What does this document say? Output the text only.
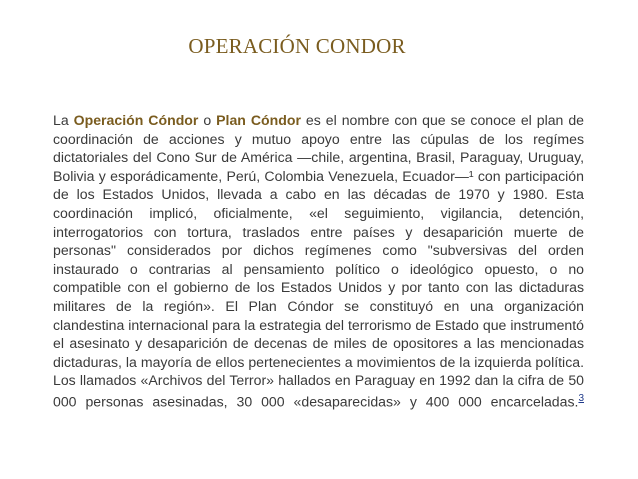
OPERACIÓN CONDOR

La Operación Cóndor o Plan Cóndor es el nombre con que se conoce el plan de coordinación de acciones y mutuo apoyo entre las cúpulas de los regímes dictatoriales del Cono Sur de América —chile, argentina, Brasil, Paraguay, Uruguay, Bolivia y esporádicamente, Perú, Colombia Venezuela, Ecuador—¹ con participación de los Estados Unidos, llevada a cabo en las décadas de 1970 y 1980. Esta coordinación implicó, oficialmente, «el seguimiento, vigilancia, detención, interrogatorios con tortura, traslados entre países y desaparición muerte de personas" considerados por dichos regímenes como "subversivas del orden instaurado o contrarias al pensamiento político o ideológico opuesto, o no compatible con el gobierno de los Estados Unidos y por tanto con las dictaduras militares de la región». El Plan Cóndor se constituyó en una organización clandestina internacional para la estrategia del terrorismo de Estado que instrumentó el asesinato y desaparición de decenas de miles de opositores a las mencionadas dictaduras, la mayoría de ellos pertenecientes a movimientos de la izquierda política. Los llamados «Archivos del Terror» hallados en Paraguay en 1992 dan la cifra de 50 000 personas asesinadas, 30 000 «desaparecidas» y 400 000 encarceladas.$^3$
